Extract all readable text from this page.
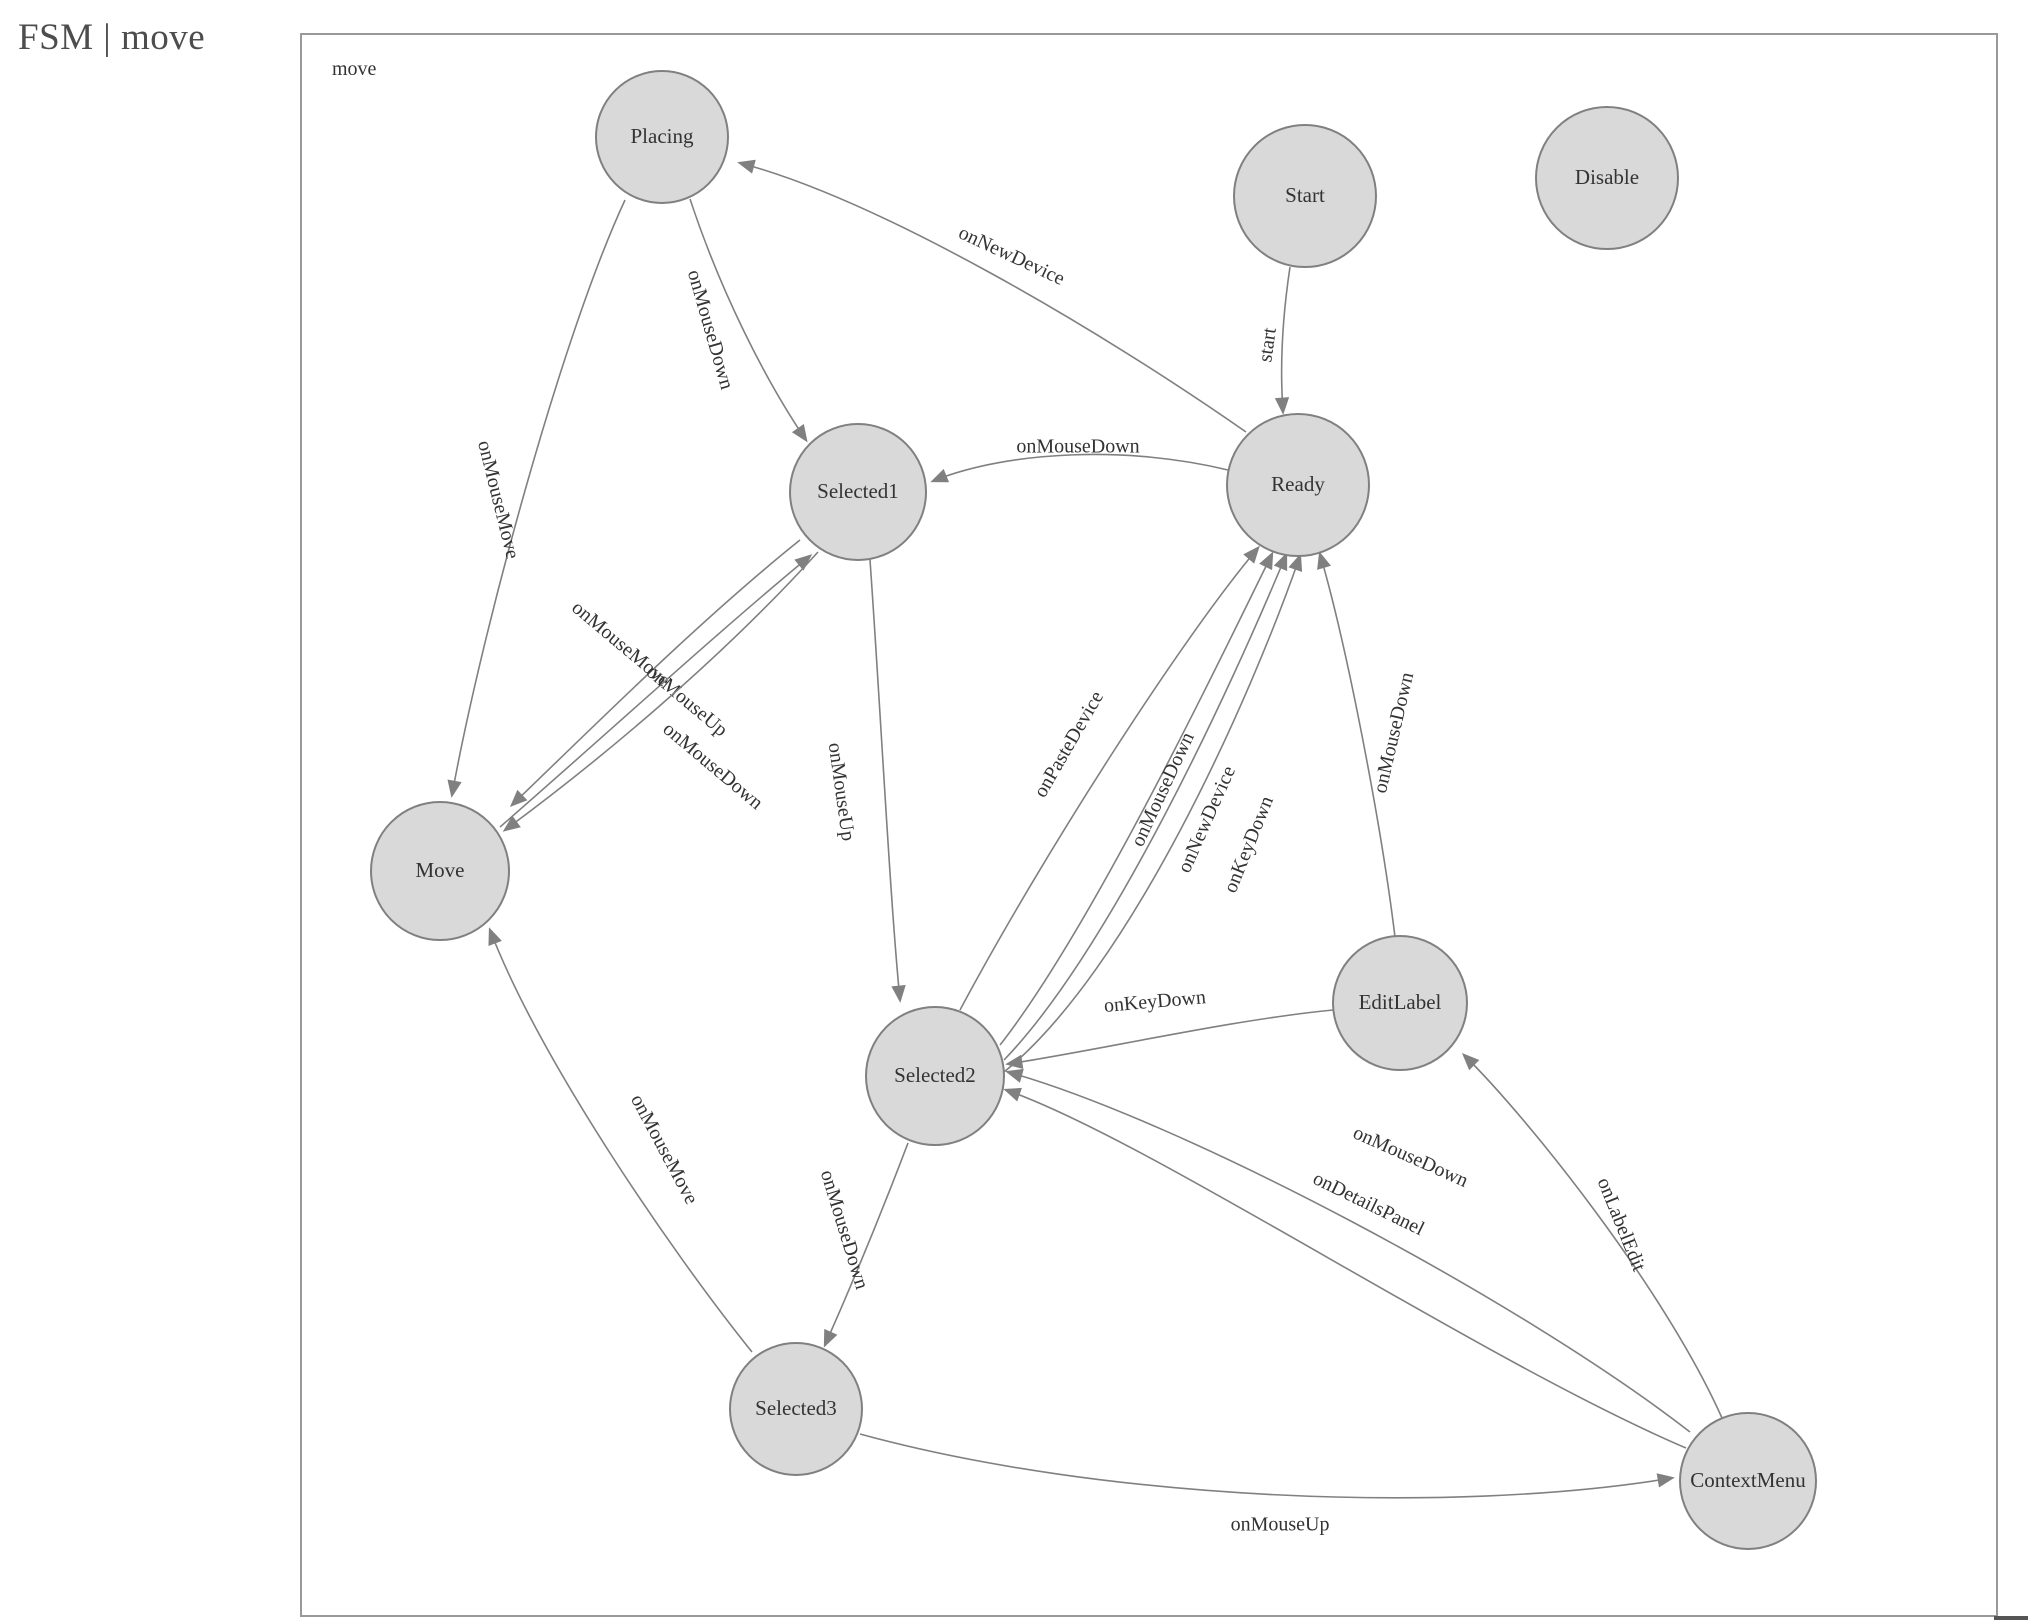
FSM | move
move
start
onMouseDown
onNewDevice
onMouseDown
onMouseMove
onMouseMove
onMouseUp
onMouseDown	onMouseUp	onPasteDevice onMouseDown
onNewDevice
onKeyDown
onMouseDown
onKeyDown
onMouseDown
onMouseMove
onMouseUp
onMouseDown
onDetailsPanel	onLabelEdit
Placing
Start
Disable
Selected1	Ready
Move
EditLabel
Selected2
Selected3
ContextMenu
